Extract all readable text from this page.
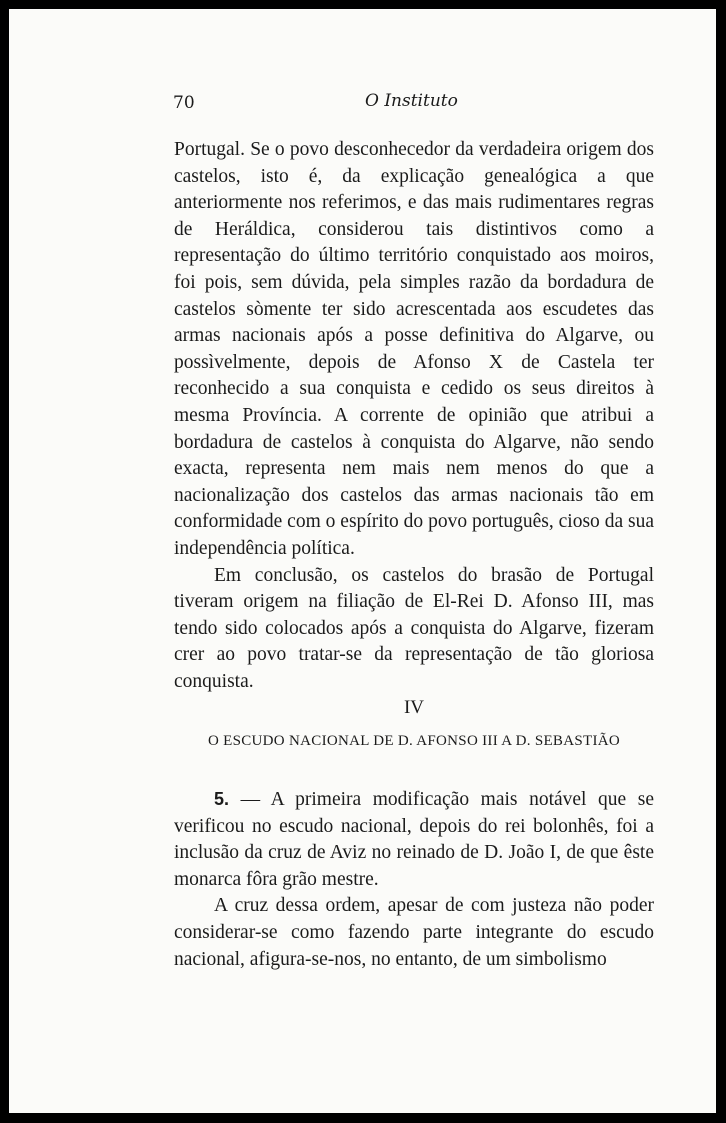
70	O Instituto

Portugal. Se o povo desconhecedor da verdadeira origem dos castelos, isto é, da explicação genealógica a que anteriormente nos referimos, e das mais rudimentares regras de Heráldica, considerou tais distintivos como a representação do último território conquistado aos moiros, foi pois, sem dúvida, pela simples razão da bordadura de castelos sòmente ter sido acrescentada aos escudetes das armas nacionais após a posse definitiva do Algarve, ou possìvelmente, depois de Afonso X de Castela ter reconhecido a sua conquista e cedido os seus direitos à mesma Província. A corrente de opinião que atribui a bordadura de castelos à conquista do Algarve, não sendo exacta, representa nem mais nem menos do que a nacionalização dos castelos das armas nacionais tão em conformidade com o espírito do povo português, cioso da sua independência política.

Em conclusão, os castelos do brasão de Portugal tiveram origem na filiação de El-Rei D. Afonso III, mas tendo sido colocados após a conquista do Algarve, fizeram crer ao povo tratar-se da representação de tão gloriosa conquista.

IV
O ESCUDO NACIONAL DE D. AFONSO III A D. SEBASTIÃO

5. — A primeira modificação mais notável que se verificou no escudo nacional, depois do rei bolonhês, foi a inclusão da cruz de Aviz no reinado de D. João I, de que êste monarca fôra grão mestre.

A cruz dessa ordem, apesar de com justeza não poder considerar-se como fazendo parte integrante do escudo nacional, afigura-se-nos, no entanto, de um simbolismo
